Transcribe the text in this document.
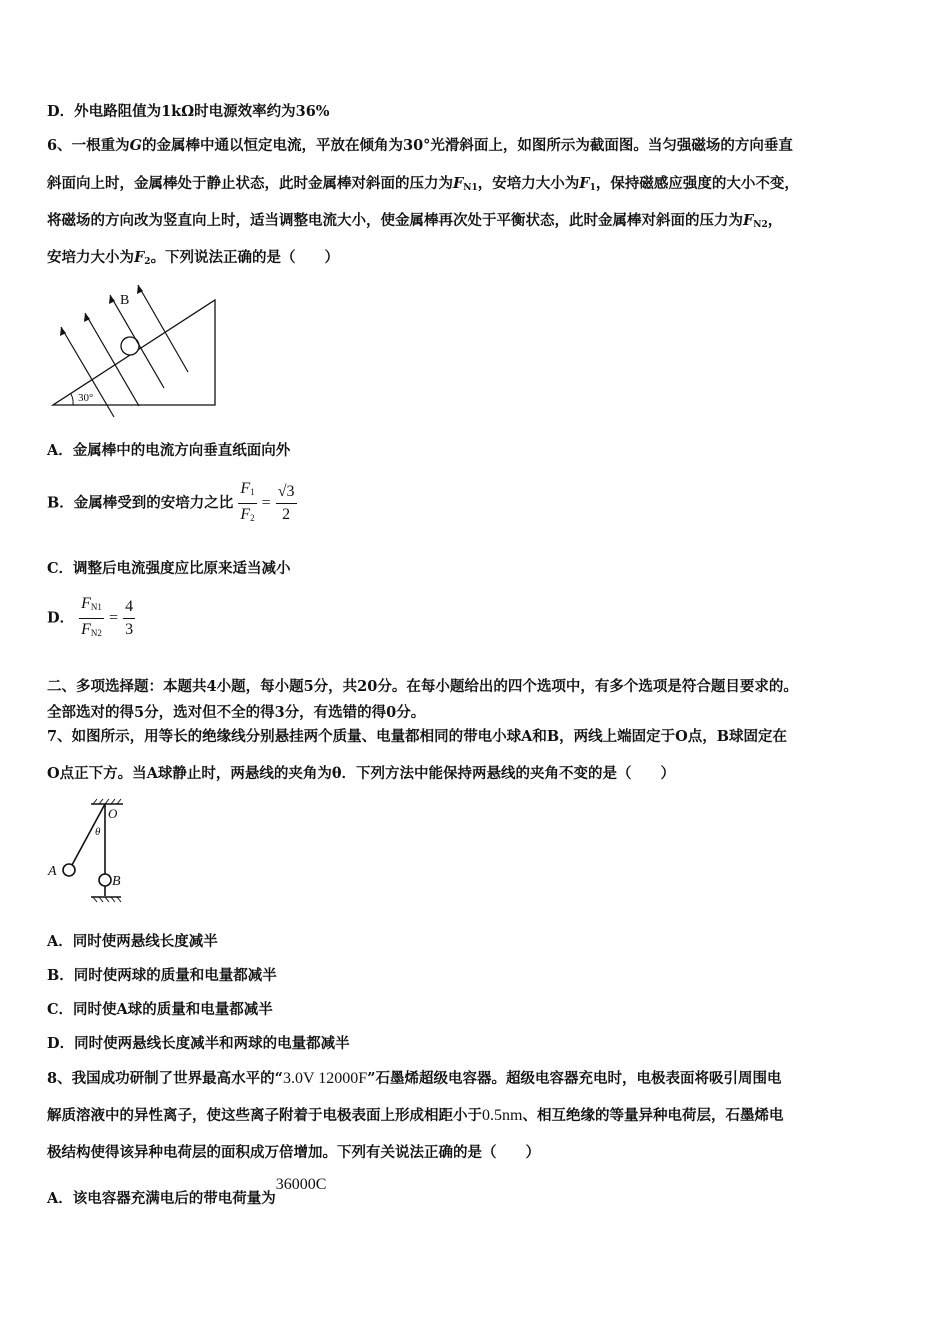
D．外电路阻值为1kΩ时电源效率约为36%
6、一根重为G的金属棒中通以恒定电流，平放在倾角为30°光滑斜面上，如图所示为截面图。当匀强磁场的方向垂直
斜面向上时，金属棒处于静止状态，此时金属棒对斜面的压力为$F_{N1}$，安培力大小为$F_1$，保持磁感应强度的大小不变，
将磁场的方向改为竖直向上时，适当调整电流大小，使金属棒再次处于平衡状态，此时金属棒对斜面的压力为$F_{N2}$，
安培力大小为$F_2$。下列说法正确的是（　　）
B
30°
A．金属棒中的电流方向垂直纸面向外
B．金属棒受到的安培力之比 $\frac{F_1}{F_2} = \frac{√3}{2}$
C．调整后电流强度应比原来适当减小
D． $\frac{F_{N1}}{F_{N2}} = \frac{4}{3}$
二、多项选择题：本题共4小题，每小题5分，共20分。在每小题给出的四个选项中，有多个选项是符合题目要求的。
全部选对的得5分，选对但不全的得3分，有选错的得0分。
7、如图所示，用等长的绝缘线分别悬挂两个质量、电量都相同的带电小球A和B，两线上端固定于O点，B球固定在
O点正下方。当A球静止时，两悬线的夹角为θ．下列方法中能保持两悬线的夹角不变的是（　　）
O
θ
A
B
A．同时使两悬线长度减半
B．同时使两球的质量和电量都减半
C．同时使A球的质量和电量都减半
D．同时使两悬线长度减半和两球的电量都减半
8、我国成功研制了世界最高水平的“3.0V 12000F”石墨烯超级电容器。超级电容器充电时，电极表面将吸引周围电
解质溶液中的异性离子，使这些离子附着于电极表面上形成相距小于0.5nm、相互绝缘的等量异种电荷层，石墨烯电
极结构使得该异种电荷层的面积成万倍增加。下列有关说法正确的是（　　）
A．该电容器充满电后的带电荷量为36000C
